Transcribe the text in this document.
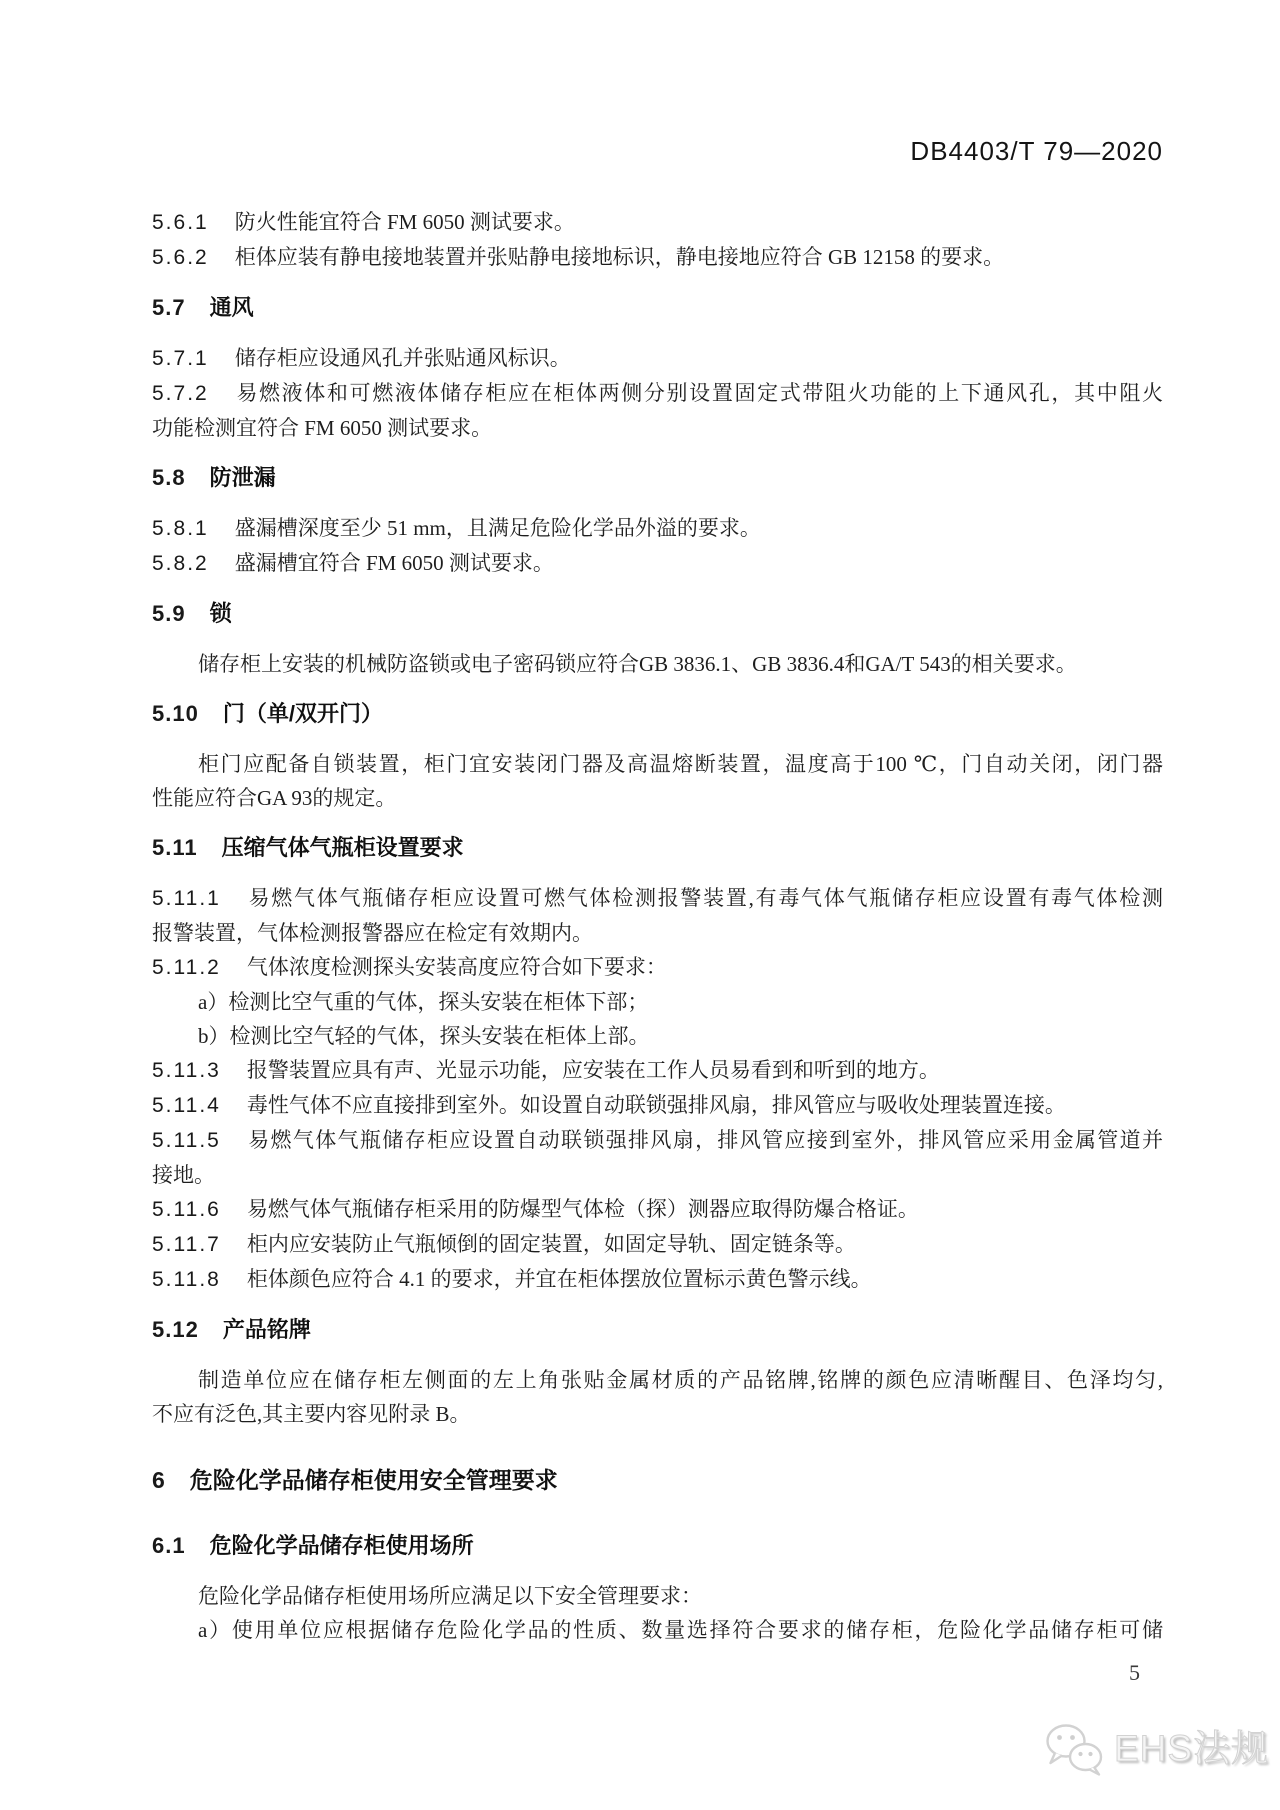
DB4403/T 79—2020
5.6.1 防火性能宜符合 FM 6050 测试要求。
5.6.2 柜体应装有静电接地装置并张贴静电接地标识，静电接地应符合 GB 12158 的要求。
5.7 通风
5.7.1 储存柜应设通风孔并张贴通风标识。
5.7.2 易燃液体和可燃液体储存柜应在柜体两侧分别设置固定式带阻火功能的上下通风孔，其中阻火
功能检测宜符合 FM 6050 测试要求。
5.8 防泄漏
5.8.1 盛漏槽深度至少 51 mm，且满足危险化学品外溢的要求。
5.8.2 盛漏槽宜符合 FM 6050 测试要求。
5.9 锁
储存柜上安装的机械防盗锁或电子密码锁应符合GB 3836.1、GB 3836.4和GA/T 543的相关要求。
5.10 门（单/双开门）
柜门应配备自锁装置，柜门宜安装闭门器及高温熔断装置，温度高于100 ℃，门自动关闭，闭门器
性能应符合GA 93的规定。
5.11 压缩气体气瓶柜设置要求
5.11.1 易燃气体气瓶储存柜应设置可燃气体检测报警装置,有毒气体气瓶储存柜应设置有毒气体检测
报警装置，气体检测报警器应在检定有效期内。
5.11.2 气体浓度检测探头安装高度应符合如下要求：
a）检测比空气重的气体，探头安装在柜体下部；
b）检测比空气轻的气体，探头安装在柜体上部。
5.11.3 报警装置应具有声、光显示功能，应安装在工作人员易看到和听到的地方。
5.11.4 毒性气体不应直接排到室外。如设置自动联锁强排风扇，排风管应与吸收处理装置连接。
5.11.5 易燃气体气瓶储存柜应设置自动联锁强排风扇，排风管应接到室外，排风管应采用金属管道并
接地。
5.11.6 易燃气体气瓶储存柜采用的防爆型气体检（探）测器应取得防爆合格证。
5.11.7 柜内应安装防止气瓶倾倒的固定装置，如固定导轨、固定链条等。
5.11.8 柜体颜色应符合 4.1 的要求，并宜在柜体摆放位置标示黄色警示线。
5.12 产品铭牌
制造单位应在储存柜左侧面的左上角张贴金属材质的产品铭牌,铭牌的颜色应清晰醒目、色泽均匀,
不应有泛色,其主要内容见附录 B。
6 危险化学品储存柜使用安全管理要求
6.1 危险化学品储存柜使用场所
危险化学品储存柜使用场所应满足以下安全管理要求：
a）使用单位应根据储存危险化学品的性质、数量选择符合要求的储存柜，危险化学品储存柜可储
5
EHS法规
